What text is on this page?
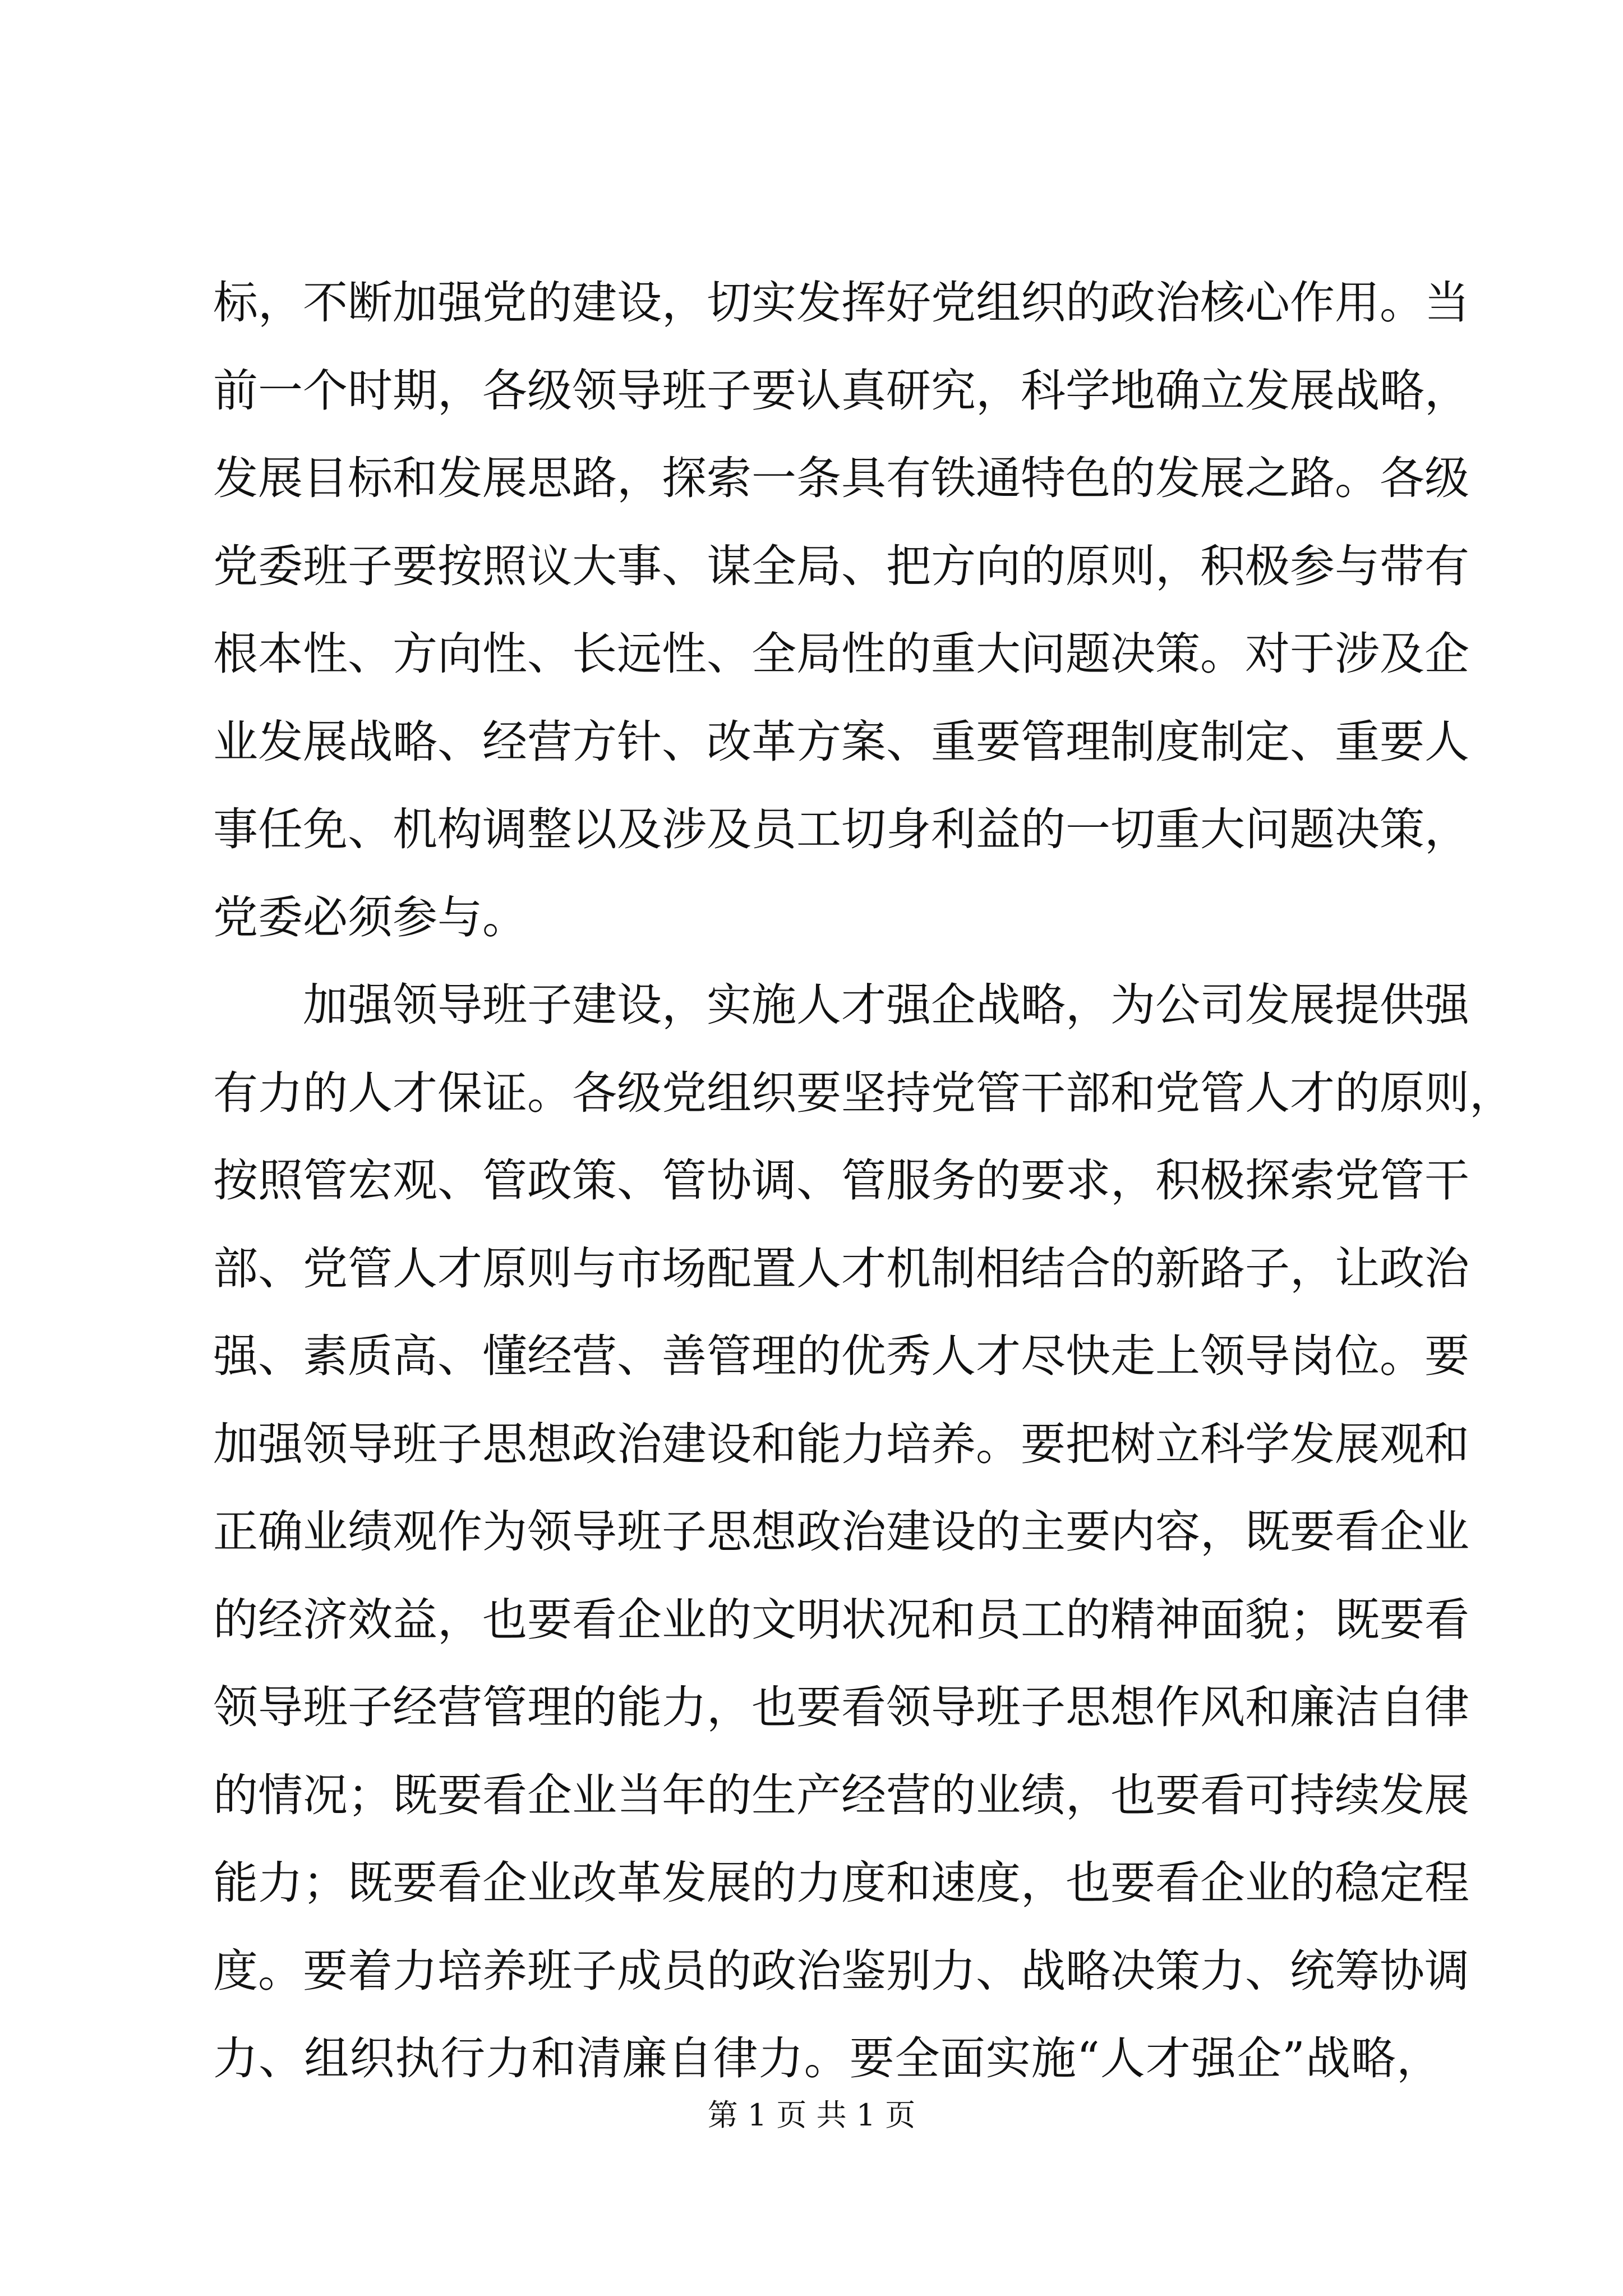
标，不断加强党的建设，切实发挥好党组织的政治核心作用。当
前一个时期，各级领导班子要认真研究，科学地确立发展战略，
发展目标和发展思路，探索一条具有铁通特色的发展之路。各级
党委班子要按照议大事、谋全局、把方向的原则，积极参与带有
根本性、方向性、长远性、全局性的重大问题决策。对于涉及企
业发展战略、经营方针、改革方案、重要管理制度制定、重要人
事任免、机构调整以及涉及员工切身利益的一切重大问题决策，
党委必须参与。
加强领导班子建设，实施人才强企战略，为公司发展提供强
有力的人才保证。各级党组织要坚持党管干部和党管人才的原则，
按照管宏观、管政策、管协调、管服务的要求，积极探索党管干
部、党管人才原则与市场配置人才机制相结合的新路子，让政治
强、素质高、懂经营、善管理的优秀人才尽快走上领导岗位。要
加强领导班子思想政治建设和能力培养。要把树立科学发展观和
正确业绩观作为领导班子思想政治建设的主要内容，既要看企业
的经济效益，也要看企业的文明状况和员工的精神面貌；既要看
领导班子经营管理的能力，也要看领导班子思想作风和廉洁自律
的情况；既要看企业当年的生产经营的业绩，也要看可持续发展
能力；既要看企业改革发展的力度和速度，也要看企业的稳定程
度。要着力培养班子成员的政治鉴别力、战略决策力、统筹协调
力、组织执行力和清廉自律力。要全面实施“人才强企”战略，
第 1 页 共 1 页
